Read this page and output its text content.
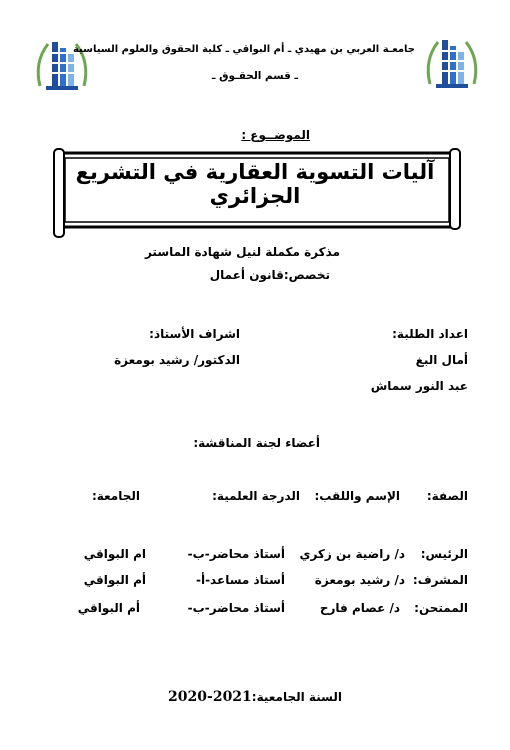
جامعـة العربي بن مهيدي ـ أم البواقي ـ كلية الحقوق والعلوم السياسية
ـ قسم الحقـوق ـ
الموضــوع :
آليات التسوية العقارية في التشريع الجزائري
مذكرة مكملة لنيل شهادة الماستر
تخصص:قانون أعمال
اعداد الطلبة:
اشراف الأستاذ:
أمال البغ
الدكتور/ رشيد بومعزة
عبد النور سماش
أعضاء لجنة المناقشة:
الصفة:
الإسم واللقب:
الدرجة العلمية:
الجامعة:
الرئيس:
د/ راضية بن زكري
أستاذ محاضر-ب-
ام البواقي
المشرف:
د/ رشيد بومعزة
أستاذ مساعد-أ-
أم البواقي
الممتحن:
د/ عصام فارح
أستاذ محاضر-ب-
أم البواقي
السنة الجامعية:2020-2021
